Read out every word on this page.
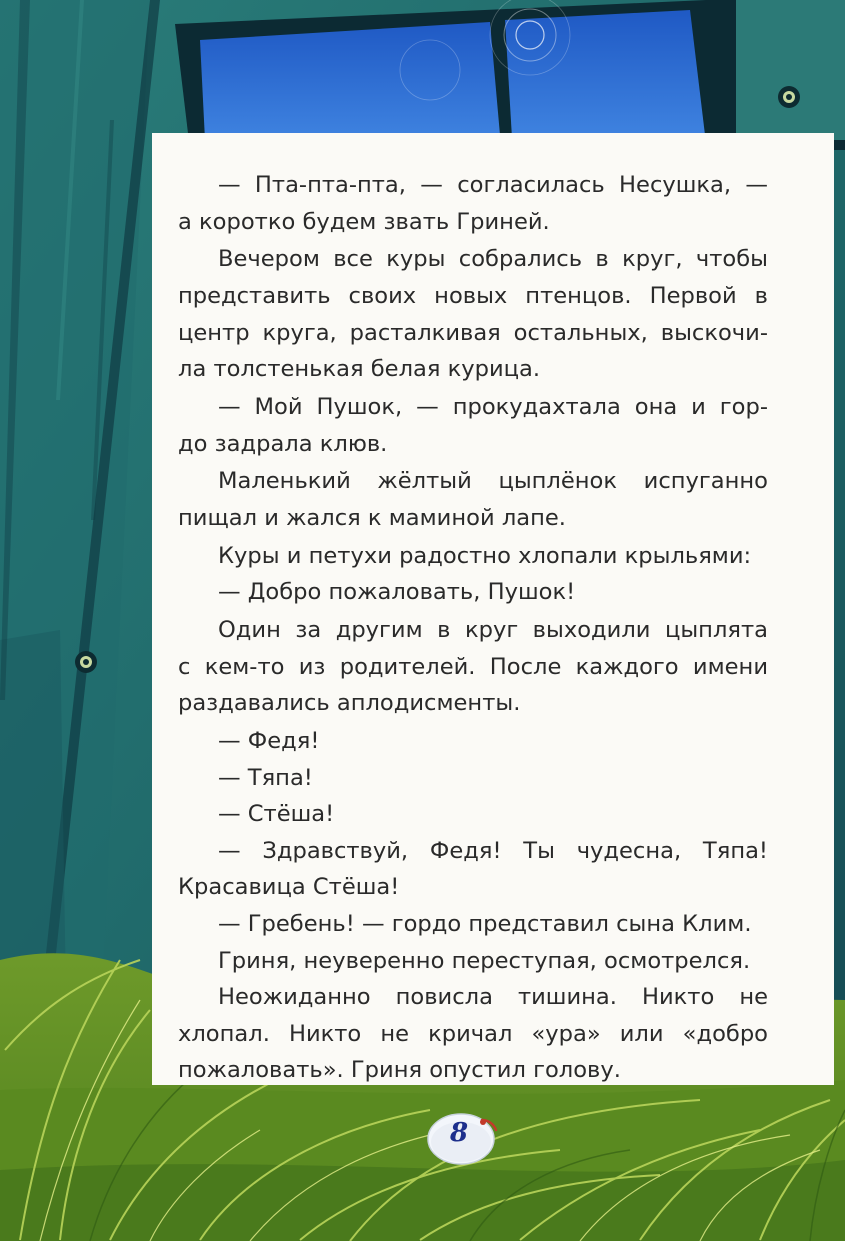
— Пта-пта-пта, — согласилась Несушка, —
а коротко будем звать Гриней.

Вечером все куры собрались в круг, чтобы
представить своих новых птенцов. Первой в
центр круга, расталкивая остальных, выскочи-
ла толстенькая белая курица.

— Мой Пушок, — прокудахтала она и гор-
до задрала клюв.

Маленький жёлтый цыплёнок испуганно
пищал и жался к маминой лапе.

Куры и петухи радостно хлопали крыльями:

— Добро пожаловать, Пушок!

Один за другим в круг выходили цыплята
с кем-то из родителей. После каждого имени
раздавались аплодисменты.

— Федя!

— Тяпа!

— Стёша!

— Здравствуй, Федя! Ты чудесна, Тяпа!
Красавица Стёша!

— Гребень! — гордо представил сына Клим.

Гриня, неуверенно переступая, осмотрелся.

Неожиданно повисла тишина. Никто не
хлопал. Никто не кричал «ура» или «добро
пожаловать». Гриня опустил голову.

8
